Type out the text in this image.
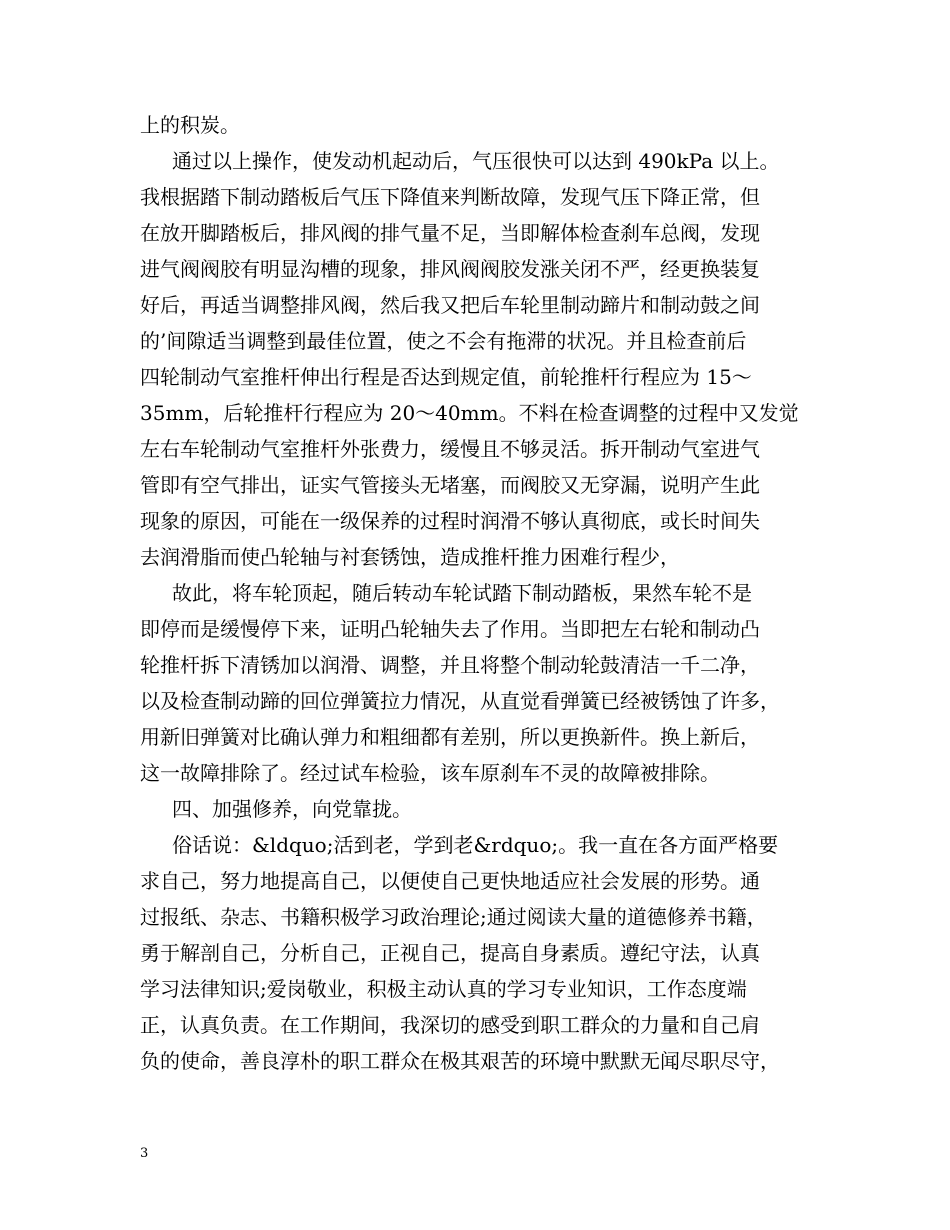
上的积炭。
通过以上操作，使发动机起动后，气压很快可以达到 490kPa 以上。
我根据踏下制动踏板后气压下降值来判断故障，发现气压下降正常，但
在放开脚踏板后，排风阀的排气量不足，当即解体检查刹车总阀，发现
进气阀阀胶有明显沟槽的现象，排风阀阀胶发涨关闭不严，经更换装复
好后，再适当调整排风阀，然后我又把后车轮里制动蹄片和制动鼓之间
的’间隙适当调整到最佳位置，使之不会有拖滞的状况。并且检查前后
四轮制动气室推杆伸出行程是否达到规定值，前轮推杆行程应为 15～
35mm，后轮推杆行程应为 20～40mm。不料在检查调整的过程中又发觉
左右车轮制动气室推杆外张费力，缓慢且不够灵活。拆开制动气室进气
管即有空气排出，证实气管接头无堵塞，而阀胶又无穿漏，说明产生此
现象的原因，可能在一级保养的过程时润滑不够认真彻底，或长时间失
去润滑脂而使凸轮轴与衬套锈蚀，造成推杆推力困难行程少，
故此，将车轮顶起，随后转动车轮试踏下制动踏板，果然车轮不是
即停而是缓慢停下来，证明凸轮轴失去了作用。当即把左右轮和制动凸
轮推杆拆下清锈加以润滑、调整，并且将整个制动轮鼓清洁一千二净，
以及检查制动蹄的回位弹簧拉力情况，从直觉看弹簧已经被锈蚀了许多，
用新旧弹簧对比确认弹力和粗细都有差别，所以更换新件。换上新后，
这一故障排除了。经过试车检验，该车原刹车不灵的故障被排除。
四、加强修养，向党靠拢。
俗话说：&ldquo;活到老，学到老&rdquo;。我一直在各方面严格要
求自己，努力地提高自己，以便使自己更快地适应社会发展的形势。通
过报纸、杂志、书籍积极学习政治理论;通过阅读大量的道德修养书籍，
勇于解剖自己，分析自己，正视自己，提高自身素质。遵纪守法，认真
学习法律知识;爱岗敬业，积极主动认真的学习专业知识，工作态度端
正，认真负责。在工作期间，我深切的感受到职工群众的力量和自己肩
负的使命，善良淳朴的职工群众在极其艰苦的环境中默默无闻尽职尽守，
3
